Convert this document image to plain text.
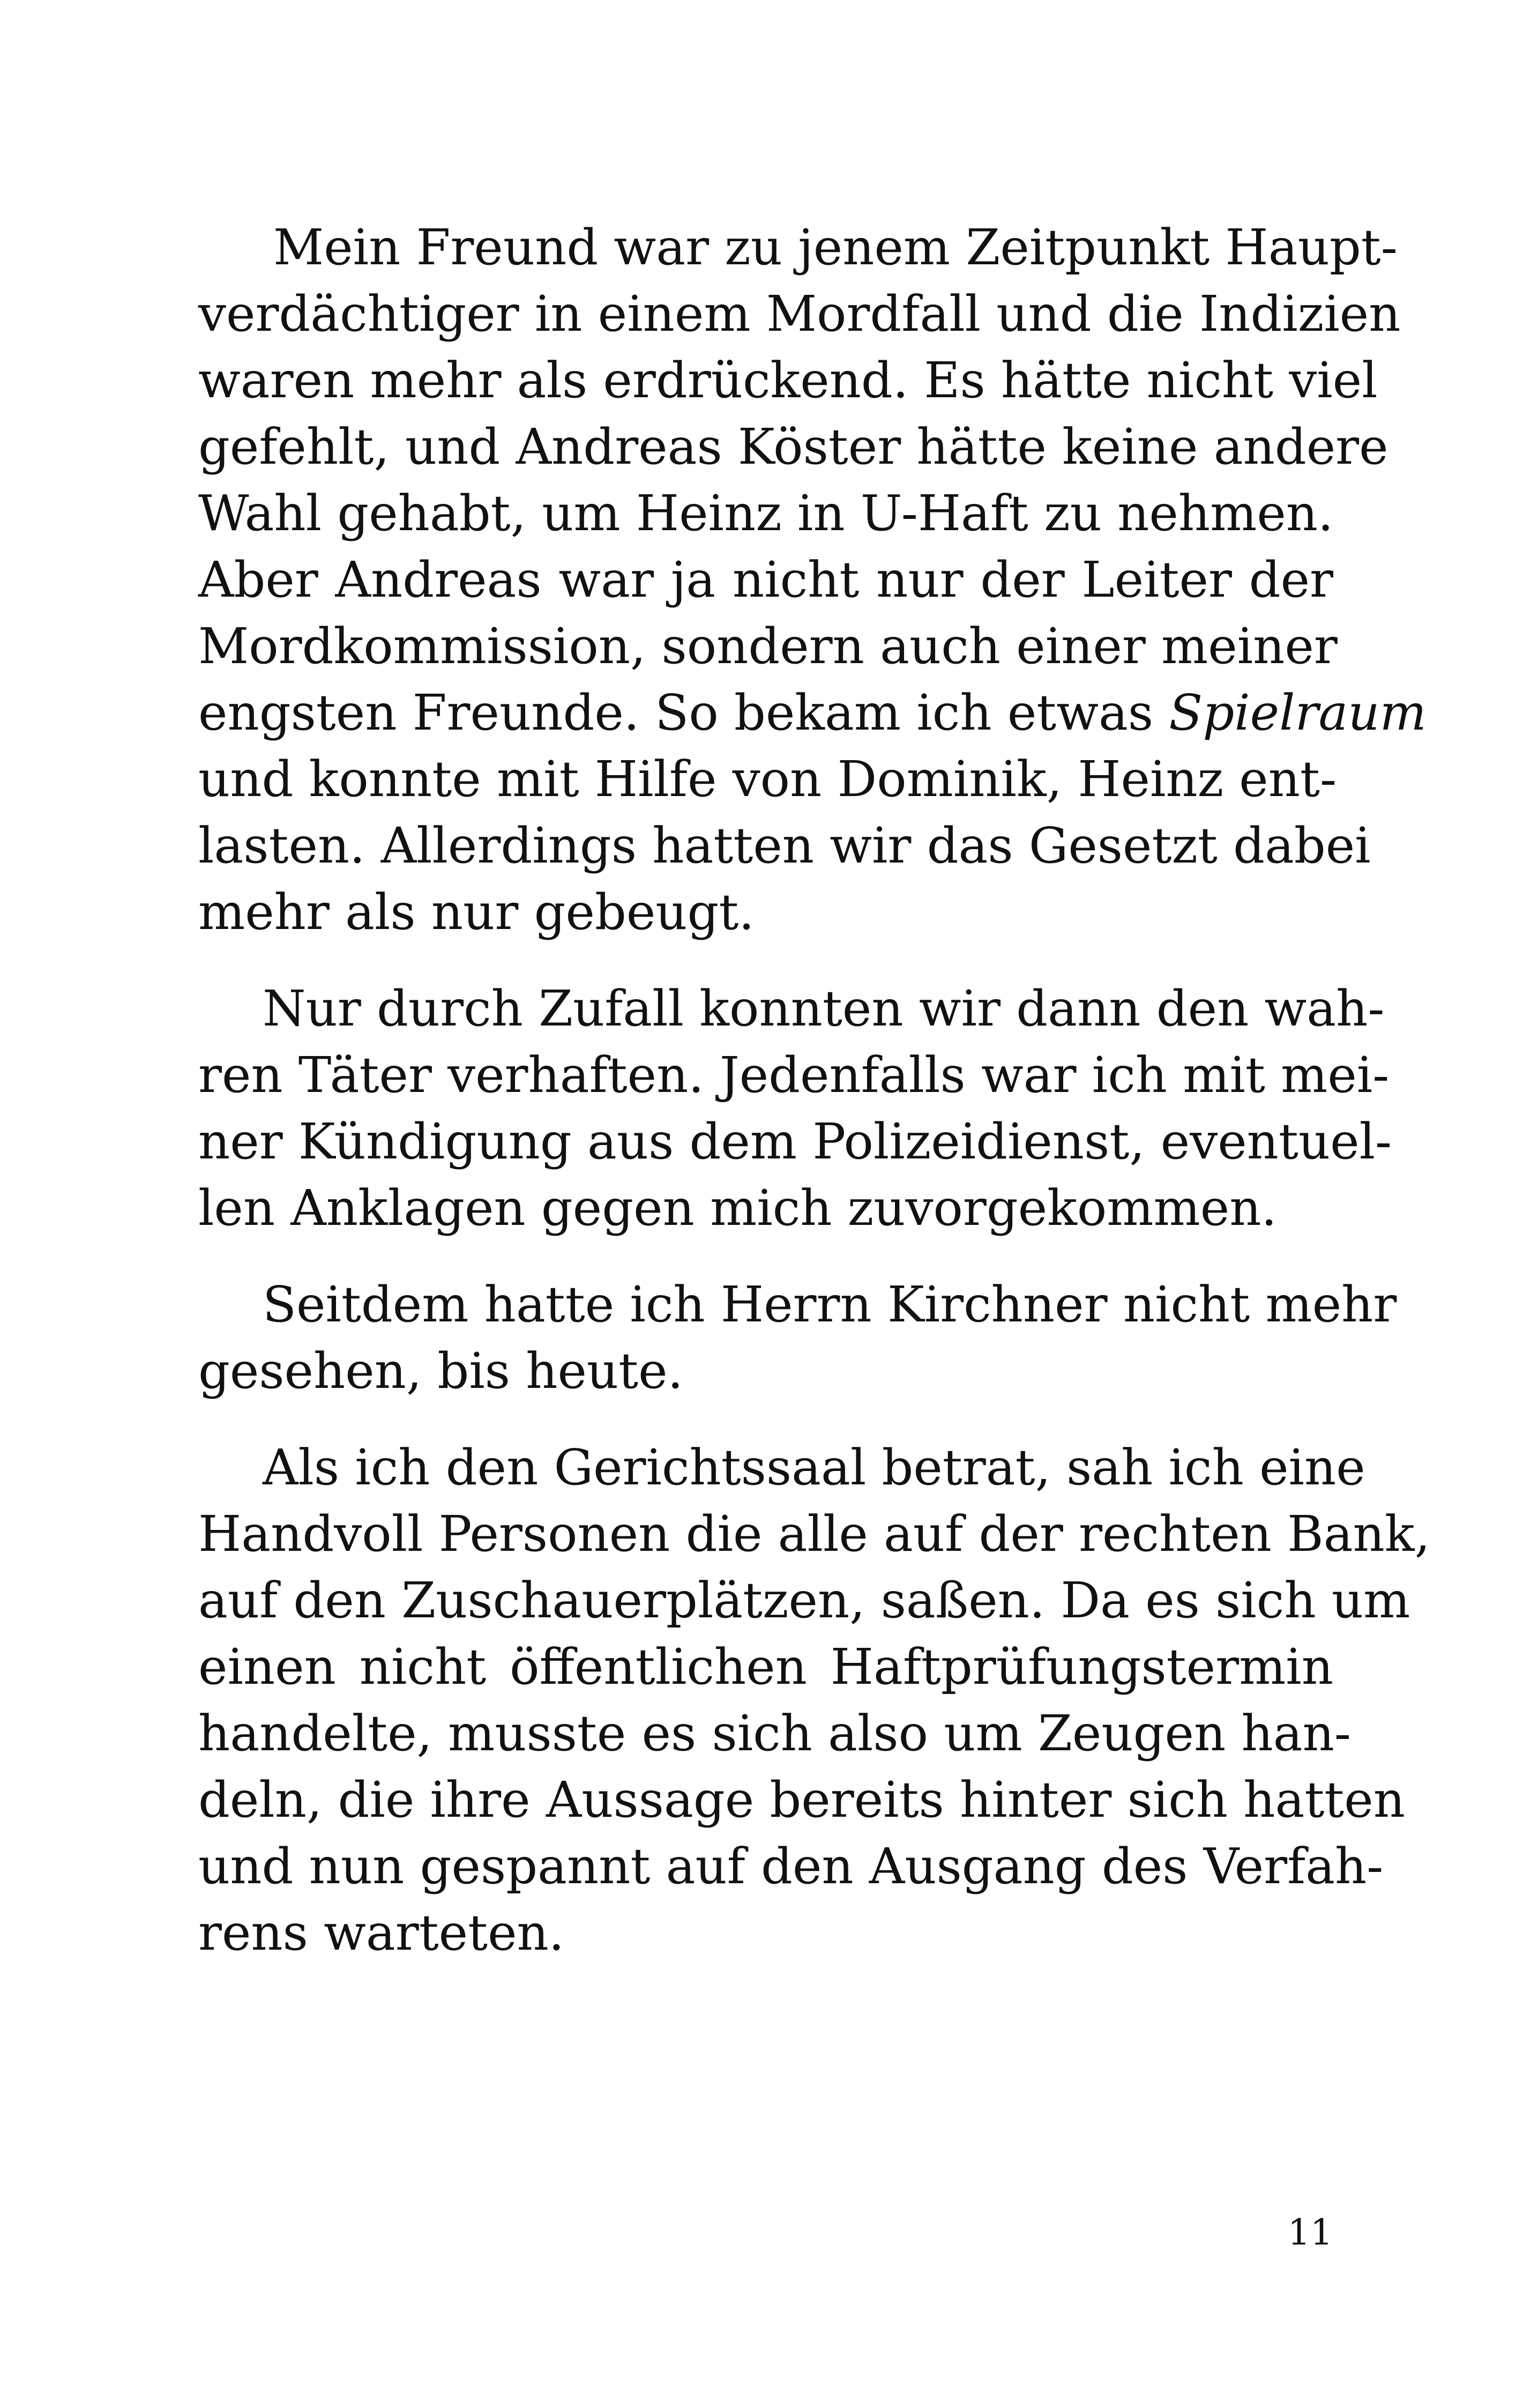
Mein Freund war zu jenem Zeitpunkt Haupt-
verdächtiger in einem Mordfall und die Indizien
waren mehr als erdrückend. Es hätte nicht viel
gefehlt, und Andreas Köster hätte keine andere
Wahl gehabt, um Heinz in U-Haft zu nehmen.
Aber Andreas war ja nicht nur der Leiter der
Mordkommission, sondern auch einer meiner
engsten Freunde. So bekam ich etwas Spielraum
und konnte mit Hilfe von Dominik, Heinz ent-
lasten. Allerdings hatten wir das Gesetzt dabei
mehr als nur gebeugt.
Nur durch Zufall konnten wir dann den wah-
ren Täter verhaften. Jedenfalls war ich mit mei-
ner Kündigung aus dem Polizeidienst, eventuel-
len Anklagen gegen mich zuvorgekommen.
Seitdem hatte ich Herrn Kirchner nicht mehr
gesehen, bis heute.
Als ich den Gerichtssaal betrat, sah ich eine
Handvoll Personen die alle auf der rechten Bank,
auf den Zuschauerplätzen, saßen. Da es sich um
einen nicht öffentlichen Haftprüfungstermin
handelte, musste es sich also um Zeugen han-
deln, die ihre Aussage bereits hinter sich hatten
und nun gespannt auf den Ausgang des Verfah-
rens warteten.
11
